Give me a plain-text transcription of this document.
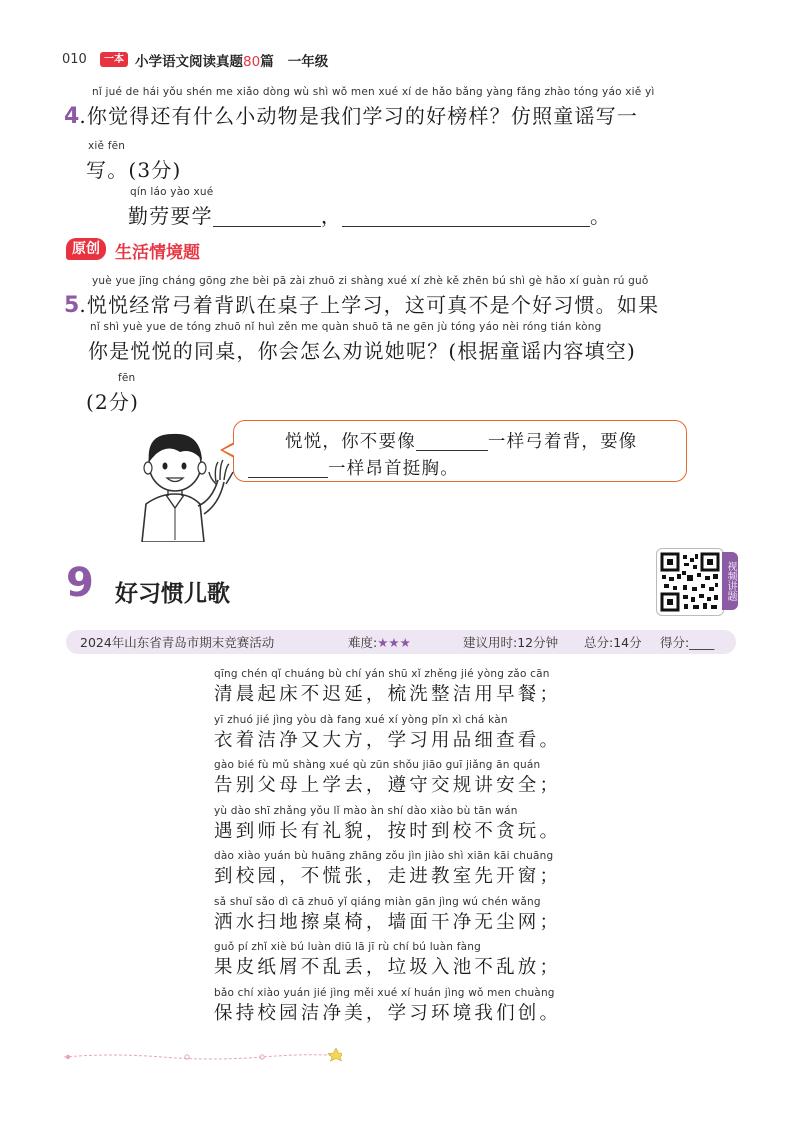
010	一本 小学语文阅读真题80篇 一年级
nǐ jué de hái yǒu shén me xiǎo dòng wù shì wǒ men xué xí de hǎo bǎng yàng fǎng zhào tóng yáo xiě yì
4.你觉得还有什么小动物是我们学习的好榜样？仿照童谣写一
xiě fēn
写。(3分)
qín láo yào xué
勤劳要学	，	。
原创 生活情境题
yuè yue jīng cháng gōng zhe bèi pā zài zhuō zi shàng xué xí zhè kě zhēn bú shì gè hǎo xí guàn rú guǒ
5.悦悦经常弓着背趴在桌子上学习，这可真不是个好习惯。如果
nǐ shì yuè yue de tóng zhuō nǐ huì zěn me quàn shuō tā ne gēn jù tóng yáo nèi róng tián kòng
你是悦悦的同桌，你会怎么劝说她呢？(根据童谣内容填空)
fēn
(2分)
悦悦，你不要像	一样弓着背，要像
一样昂首挺胸。
9 好习惯儿歌	视频讲题
2024年山东省青岛市期末竞赛活动	难度:★★★	建议用时:12分钟 总分:14分 得分:____
qīng chén qǐ chuáng bù chí yán shū xǐ zhěng jié yòng zǎo cān
清晨起床不迟延，梳洗整洁用早餐；
yī zhuó jié jìng yòu dà fang xué xí yòng pǐn xì chá kàn
衣着洁净又大方，学习用品细查看。
gào bié fù mǔ shàng xué qù zūn shǒu jiāo guī jiǎng ān quán
告别父母上学去，遵守交规讲安全；
yù dào shī zhǎng yǒu lǐ mào àn shí dào xiào bù tān wán
遇到师长有礼貌，按时到校不贪玩。
dào xiào yuán bù huāng zhāng zǒu jìn jiào shì xiān kāi chuāng
到校园，不慌张，走进教室先开窗；
sǎ shuǐ sǎo dì cā zhuō yǐ qiáng miàn gān jìng wú chén wǎng
洒水扫地擦桌椅，墙面干净无尘网；
guǒ pí zhǐ xiè bú luàn diū lā jī rù chí bú luàn fàng
果皮纸屑不乱丢，垃圾入池不乱放；
bǎo chí xiào yuán jié jìng měi xué xí huán jìng wǒ men chuàng
保持校园洁净美，学习环境我们创。
